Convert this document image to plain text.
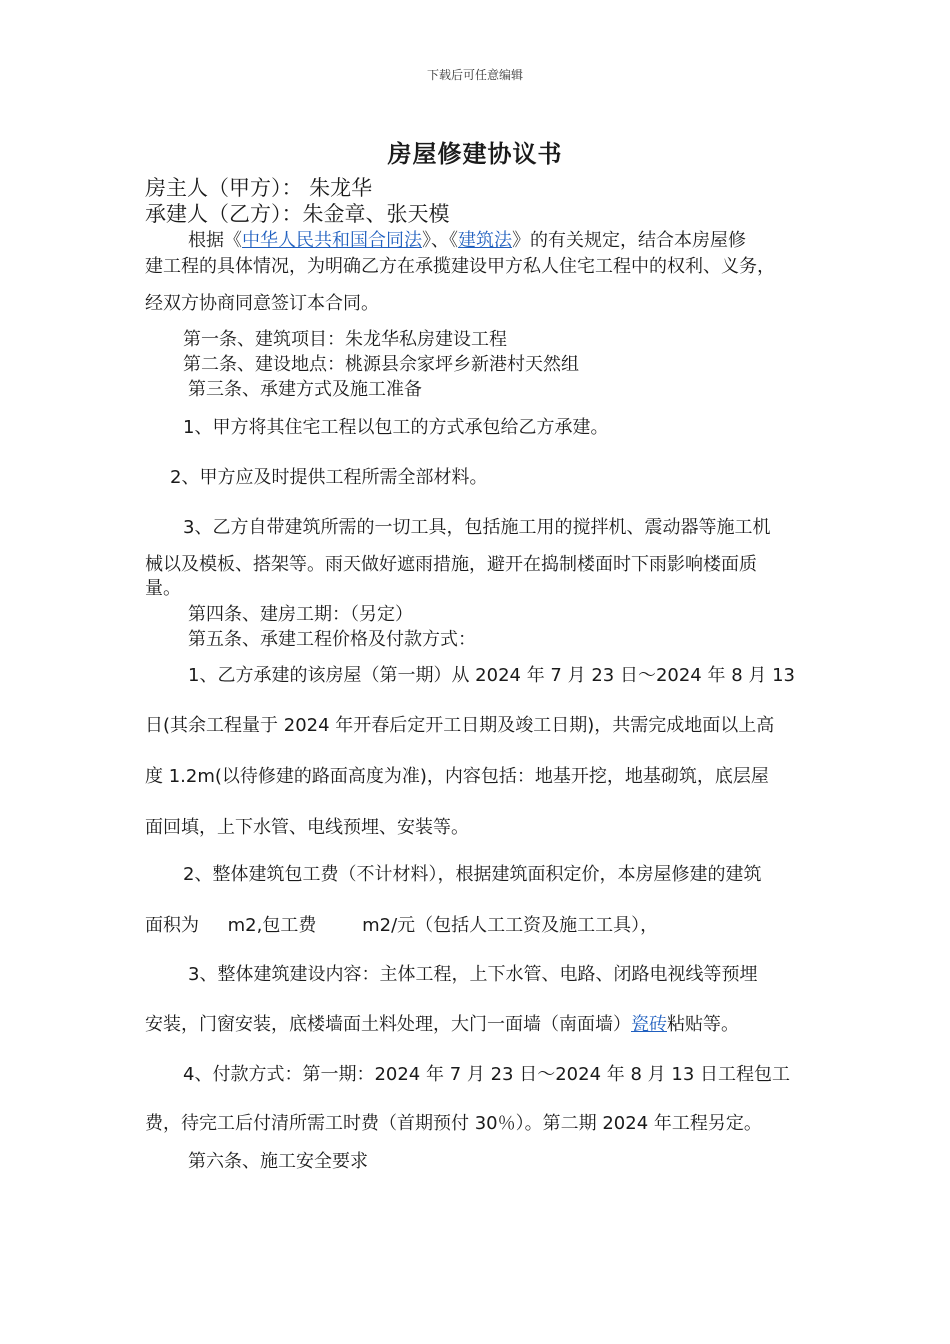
下载后可任意编辑
房屋修建协议书
房主人（甲方）： 朱龙华
承建人（乙方）：朱金章、张天模
根据《中华人民共和国合同法》、《建筑法》的有关规定，结合本房屋修
建工程的具体情况，为明确乙方在承揽建设甲方私人住宅工程中的权利、义务，
经双方协商同意签订本合同。
第一条、建筑项目：朱龙华私房建设工程
第二条、建设地点：桃源县佘家坪乡新港村天然组
第三条、承建方式及施工准备
1、甲方将其住宅工程以包工的方式承包给乙方承建。
2、甲方应及时提供工程所需全部材料。
3、乙方自带建筑所需的一切工具，包括施工用的搅拌机、震动器等施工机
械以及模板、搭架等。雨天做好遮雨措施，避开在捣制楼面时下雨影响楼面质
量。
第四条、建房工期：（另定）
第五条、承建工程价格及付款方式：
1、乙方承建的该房屋（第一期）从 2024 年 7 月 23 日～2024 年 8 月 13
日(其余工程量于 2024 年开春后定开工日期及竣工日期)，共需完成地面以上高
度 1.2m(以待修建的路面高度为准)，内容包括：地基开挖，地基砌筑，底层屋
面回填，上下水管、电线预埋、安装等。
2、整体建筑包工费（不计材料），根据建筑面积定价，本房屋修建的建筑
面积为     m2,包工费        m2/元（包括人工工资及施工工具），
3、整体建筑建设内容：主体工程，上下水管、电路、闭路电视线等预埋
安装，门窗安装，底楼墙面土料处理，大门一面墙（南面墙）瓷砖粘贴等。
4、付款方式：第一期：2024 年 7 月 23 日～2024 年 8 月 13 日工程包工
费，待完工后付清所需工时费（首期预付 30％）。第二期 2024 年工程另定。
第六条、施工安全要求
